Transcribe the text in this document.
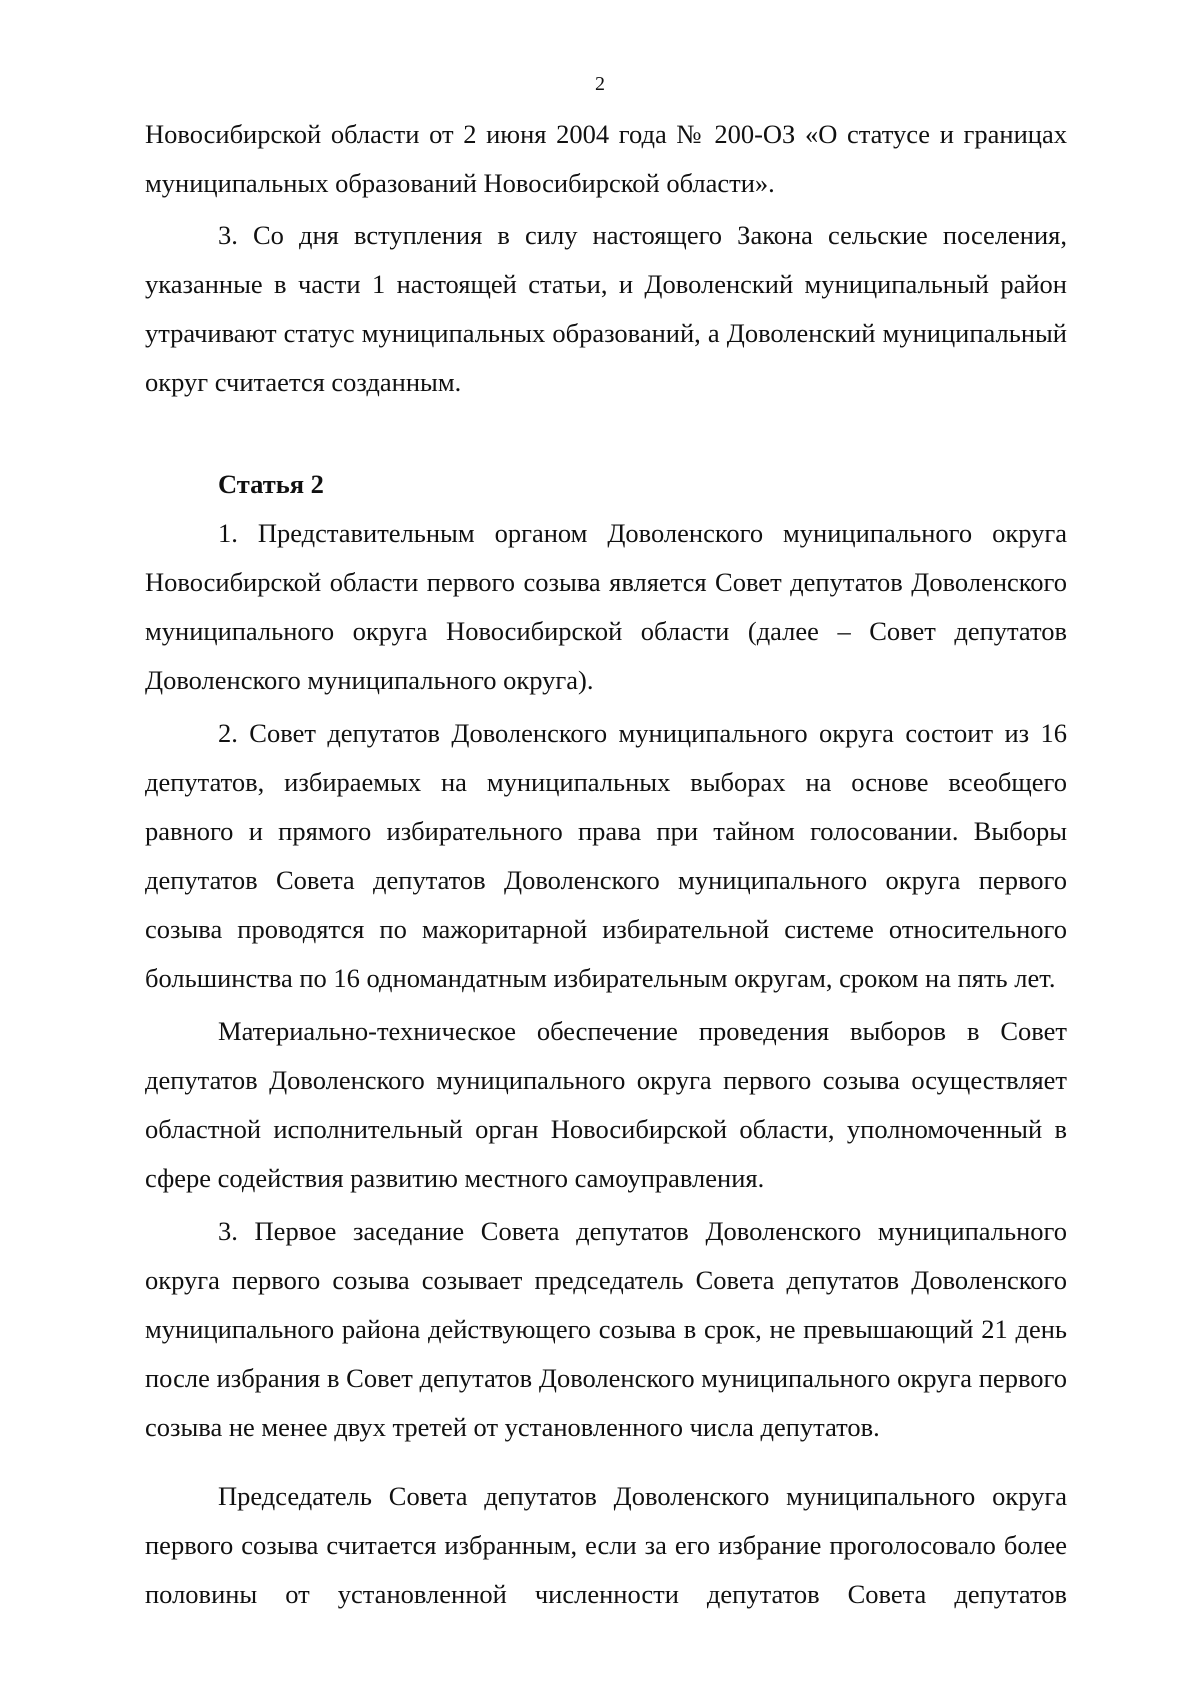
2

Новосибирской области от 2 июня 2004 года № 200-ОЗ «О статусе и границах муниципальных образований Новосибирской области».

3. Со дня вступления в силу настоящего Закона сельские поселения, указанные в части 1 настоящей статьи, и Доволенский муниципальный район утрачивают статус муниципальных образований, а Доволенский муниципальный округ считается созданным.

Статья 2

1. Представительным органом Доволенского муниципального округа Новосибирской области первого созыва является Совет депутатов Доволенского муниципального округа Новосибирской области (далее – Совет депутатов Доволенского муниципального округа).

2. Совет депутатов Доволенского муниципального округа состоит из 16 депутатов, избираемых на муниципальных выборах на основе всеобщего равного и прямого избирательного права при тайном голосовании. Выборы депутатов Совета депутатов Доволенского муниципального округа первого созыва проводятся по мажоритарной избирательной системе относительного большинства по 16 одномандатным избирательным округам, сроком на пять лет.

Материально-техническое обеспечение проведения выборов в Совет депутатов Доволенского муниципального округа первого созыва осуществляет областной исполнительный орган Новосибирской области, уполномоченный в сфере содействия развитию местного самоуправления.

3. Первое заседание Совета депутатов Доволенского муниципального округа первого созыва созывает председатель Совета депутатов Доволенского муниципального района действующего созыва в срок, не превышающий 21 день после избрания в Совет депутатов Доволенского муниципального округа первого созыва не менее двух третей от установленного числа депутатов.

Председатель Совета депутатов Доволенского муниципального округа первого созыва считается избранным, если за его избрание проголосовало более половины от установленной численности депутатов Совета депутатов
